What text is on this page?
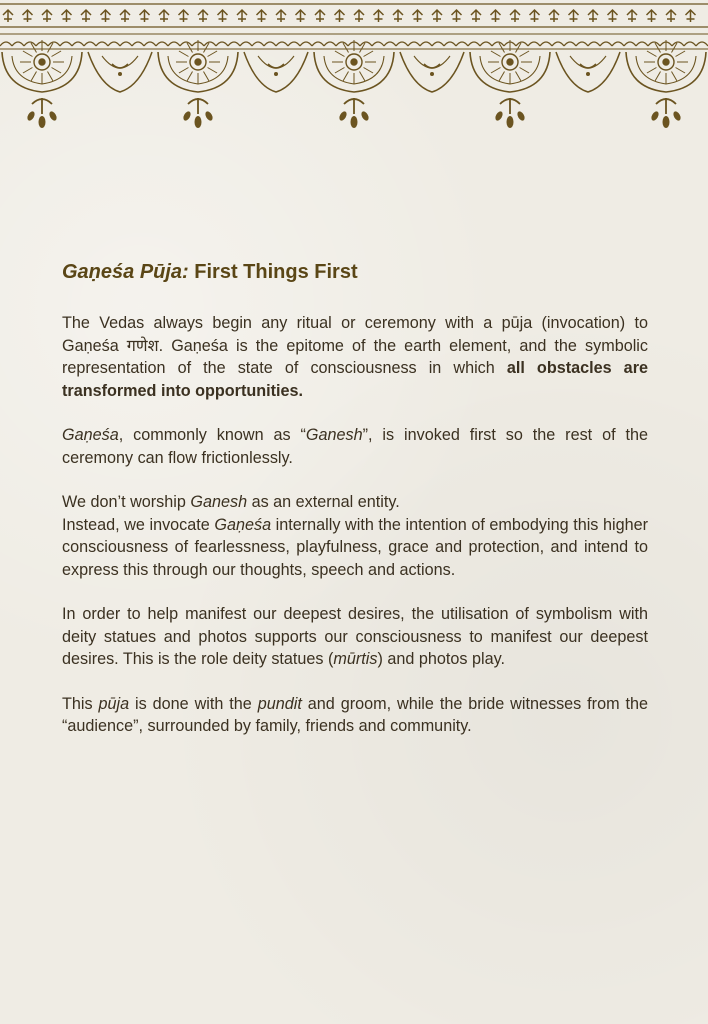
Gaṇeśa Pūja: First Things First

The Vedas always begin any ritual or ceremony with a pūja (invocation) to Gaṇeśa गणेश. Gaṇeśa is the epitome of the earth element, and the symbolic representation of the state of consciousness in which all obstacles are transformed into opportunities.

Gaṇeśa, commonly known as “Ganesh”, is invoked first so the rest of the ceremony can flow frictionlessly.

We don’t worship Ganesh as an external entity.
Instead, we invocate Gaṇeśa internally with the intention of embodying this higher consciousness of fearlessness, playfulness, grace and protection, and intend to express this through our thoughts, speech and actions.

In order to help manifest our deepest desires, the utilisation of symbolism with deity statues and photos supports our consciousness to manifest our deepest desires. This is the role deity statues (mūrtis) and photos play.

This pūja is done with the pundit and groom, while the bride witnesses from the “audience”, surrounded by family, friends and community.
